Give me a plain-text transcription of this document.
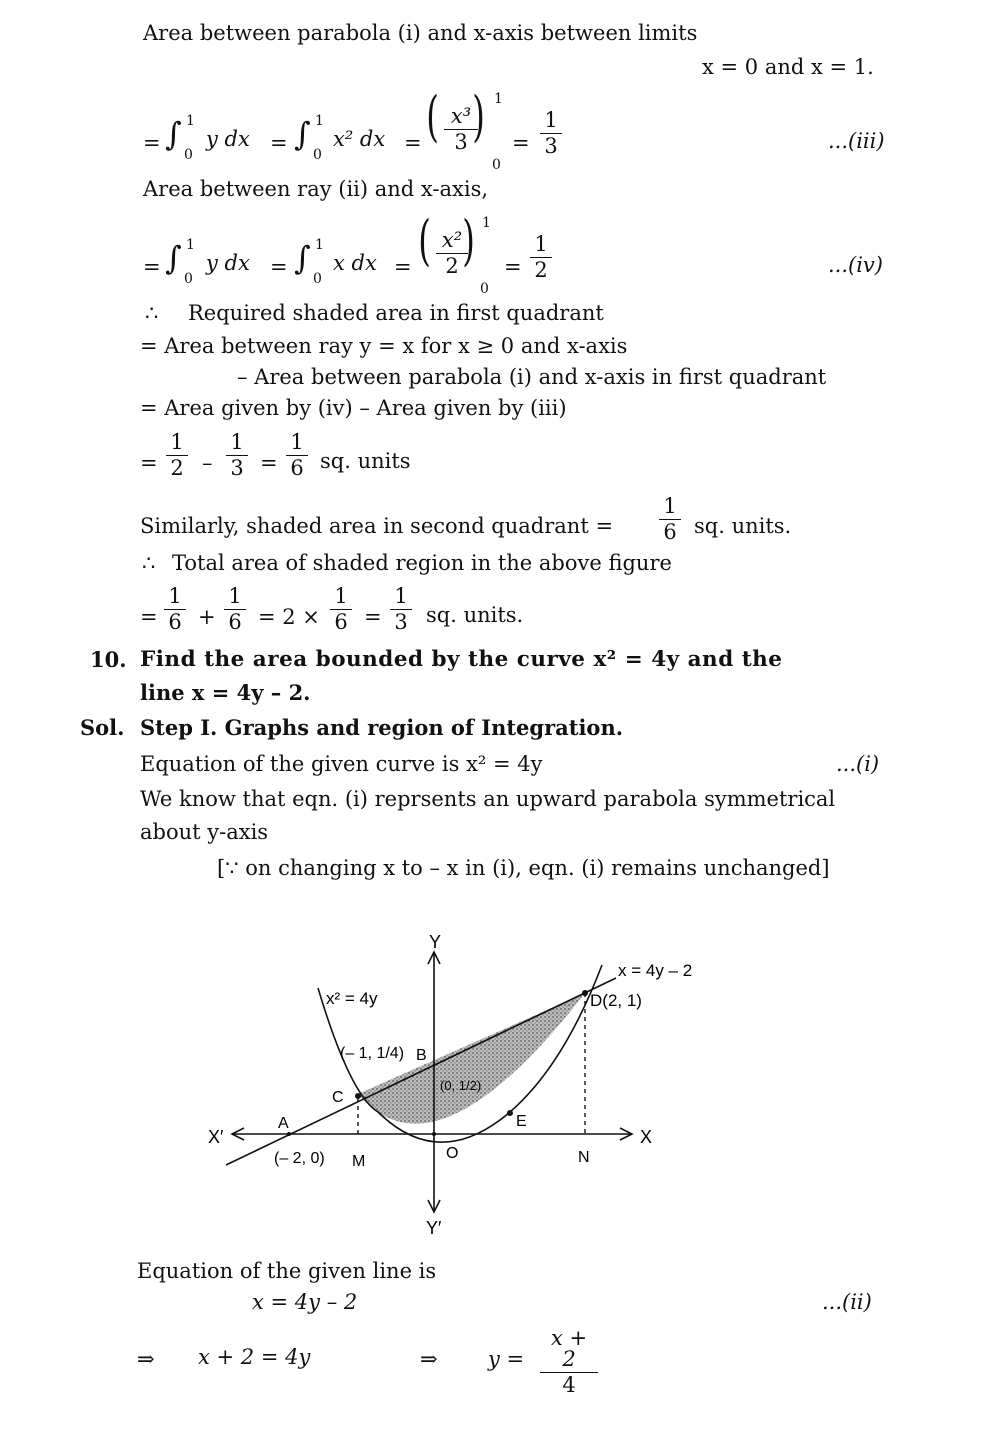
Area between parabola (i) and x-axis between limits
x = 0 and x = 1.
= ∫ 1
0
y dx = ∫ 1
0
x² dx = ( $\frac{\text{x³}}{3}$
) 1
0
= $\frac{1}{3}$	...(iii)
Area between ray (ii) and x-axis,
= ∫ 1
0
y dx = ∫ 1
0
x dx = ( $\frac{\text{x²}}{2}$
) 1
0
= $\frac{1}{2}$	...(iv)
∴ Required shaded area in first quadrant
= Area between ray y = x for x ≥ 0 and x-axis
– Area between parabola (i) and x-axis in first quadrant
= Area given by (iv) – Area given by (iii)
= $\frac{1}{2} - \frac{1}{3} = \frac{1}{6}$ sq. units
Similarly, shaded area in second quadrant = $\frac{1}{6}$ sq. units.
∴ Total area of shaded region in the above figure
= $\frac{1}{6} + \frac{1}{6} = 2 \times \frac{1}{6} = \frac{1}{3}$ sq. units.
10. Find the area bounded by the curve x² = 4y and the
line x = 4y – 2.
Sol. Step I. Graphs and region of Integration.
Equation of the given curve is x² = 4y	...(i)
We know that eqn. (i) reprsents an upward parabola symmetrical
about y-axis
[∵ on changing x to – x in (i), eqn. (i) remains unchanged]
Y
Y′
X
X′
x = 4y – 2
D(2, 1)
x² = 4y
(– 1, 1/4) B
(0, 1/2)
C
A
(– 2, 0) M	O	N
E
Equation of the given line is
x = 4y – 2	...(ii)
⇒ x + 2 = 4y	⇒ $y = \frac{x + 2}{4}$
